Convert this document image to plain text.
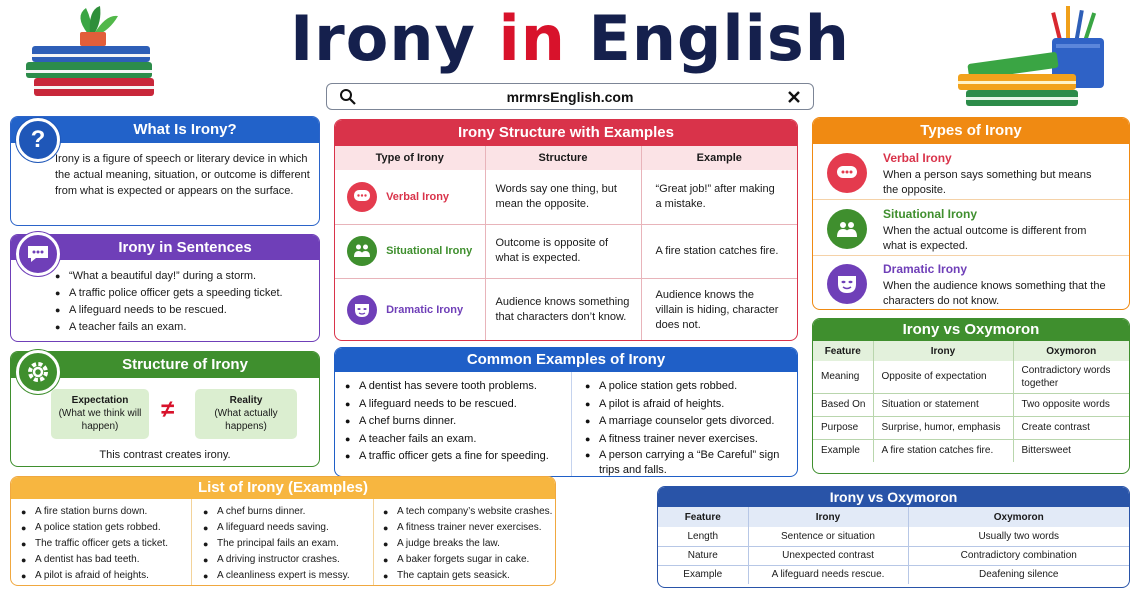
Irony in English
mrmrsEnglish.com
What Is Irony?
Irony is a figure of speech or literary device in which the actual meaning, situation, or outcome is different from what is expected or appears on the surface.
?
Irony in Sentences
● “What a beautiful day!” during a storm.
● A traffic police officer gets a speeding ticket.
● A lifeguard needs to be rescued.
● A teacher fails an exam.
Structure of Irony
Expectation
(What we think will happen)
≠	Reality
(What actually happens)
This contrast creates irony.
Irony Structure with Examples
Type of Irony	Structure	Example
Verbal Irony	Words say one thing, but mean the opposite.	“Great job!” after making a mistake.
Situational Irony	Outcome is opposite of what is expected.	A fire station catches fire.
Dramatic Irony	Audience knows something that characters don’t know.	Audience knows the villain is hiding, character does not.
Types of Irony
Verbal Irony
When a person says something but means the opposite.
Situational Irony
When the actual outcome is different from what is expected.
Dramatic Irony
When the audience knows something that the characters do not know.
Common Examples of Irony
● A dentist has severe tooth problems.
● A lifeguard needs to be rescued.
● A chef burns dinner.
● A teacher fails an exam.
● A traffic officer gets a fine for speeding.
● A police station gets robbed.
● A pilot is afraid of heights.
● A marriage counselor gets divorced.
● A fitness trainer never exercises.
● A person carrying a “Be Careful” sign trips and falls.
Irony vs Oxymoron
Feature	Irony	Oxymoron
Meaning	Opposite of expectation	Contradictory words together
Based On	Situation or statement	Two opposite words
Purpose	Surprise, humor, emphasis	Create contrast
Example	A fire station catches fire.	Bittersweet
List of Irony (Examples)
● A fire station burns down.
● A police station gets robbed.
● The traffic officer gets a ticket.
● A dentist has bad teeth.
● A pilot is afraid of heights.
● A chef burns dinner.
● A lifeguard needs saving.
● The principal fails an exam.
● A driving instructor crashes.
● A cleanliness expert is messy.
● A tech company’s website crashes.
● A fitness trainer never exercises.
● A judge breaks the law.
● A baker forgets sugar in cake.
● The captain gets seasick.
Irony vs Oxymoron
Feature	Irony	Oxymoron
Length	Sentence or situation	Usually two words
Nature	Unexpected contrast	Contradictory combination
Example	A lifeguard needs rescue.	Deafening silence
